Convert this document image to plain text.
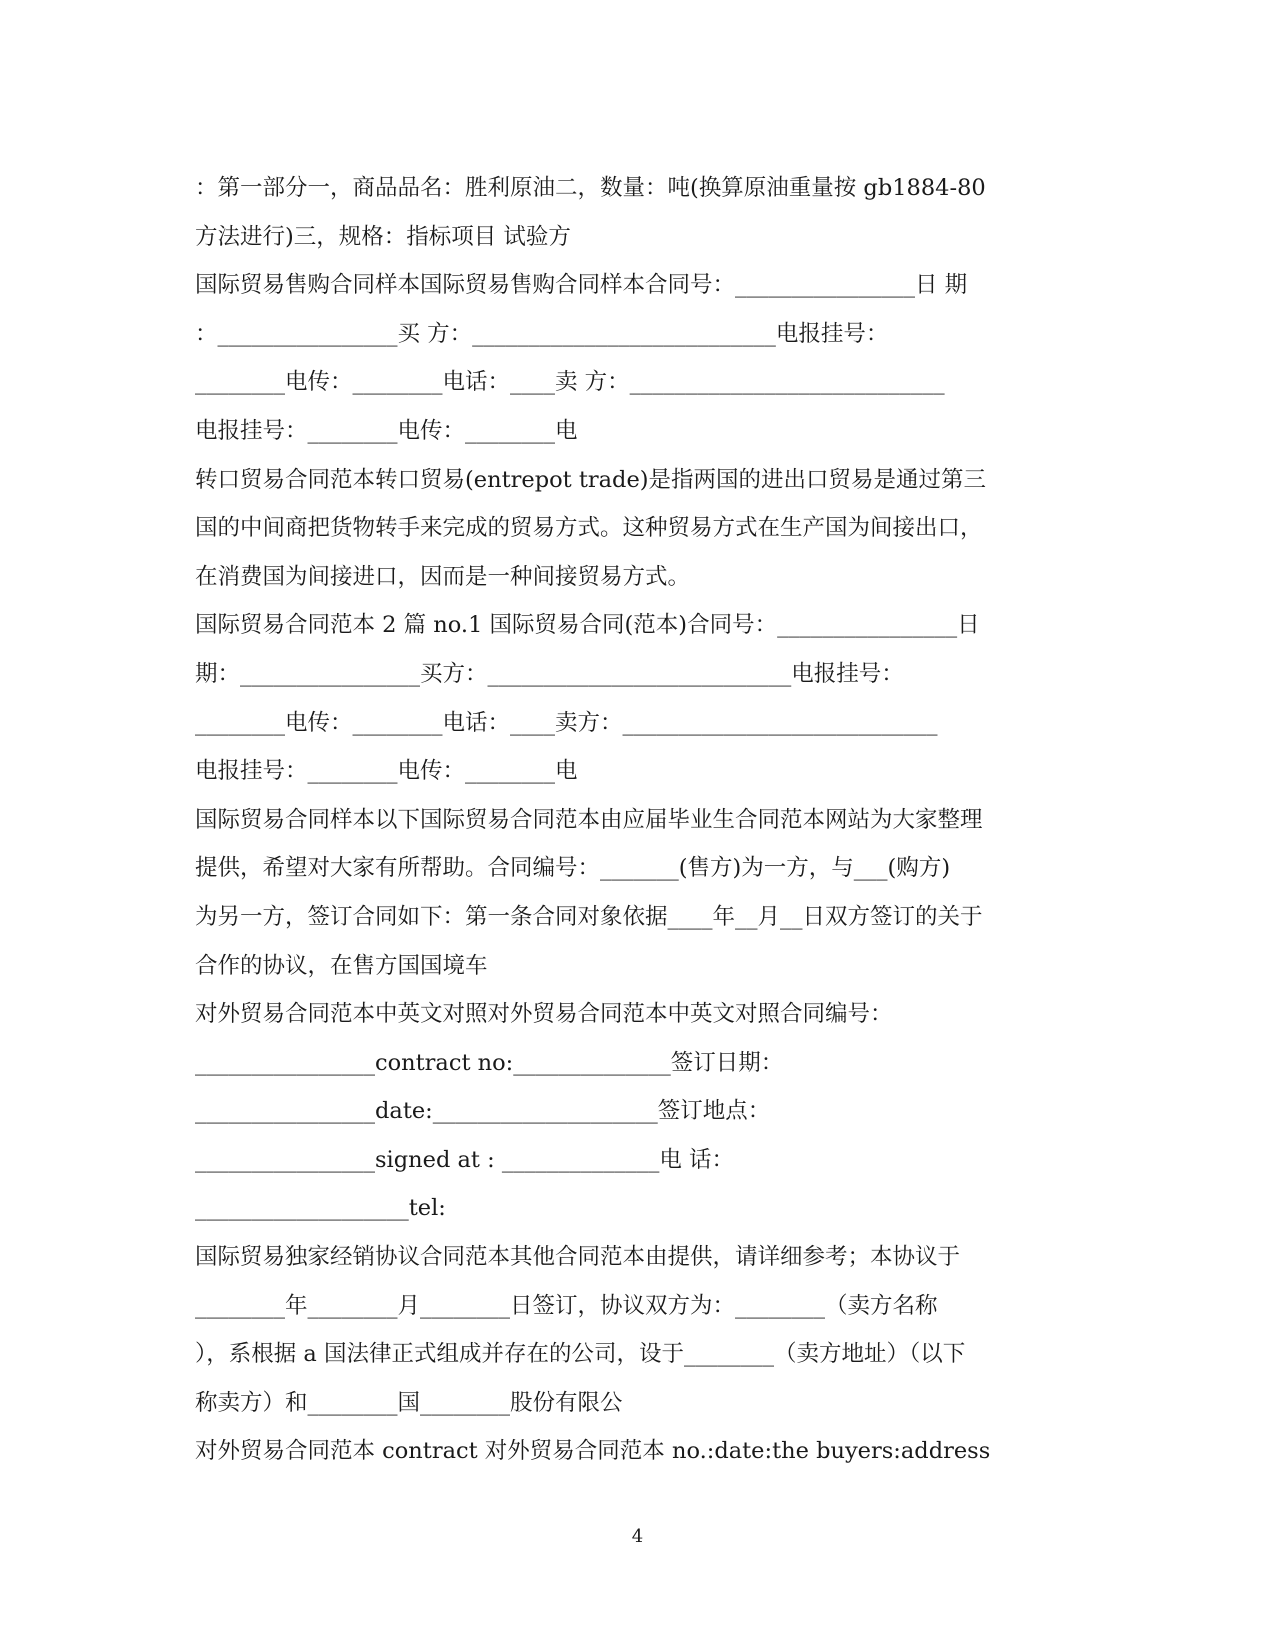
：第一部分一，商品品名：胜利原油二，数量：吨(换算原油重量按 gb1884-80
方法进行)三，规格：指标项目 试验方
国际贸易售购合同样本国际贸易售购合同样本合同号：________________日 期
：________________买 方：___________________________电报挂号：
________电传：________电话：____卖 方：____________________________
电报挂号：________电传：________电
转口贸易合同范本转口贸易(entrepot trade)是指两国的进出口贸易是通过第三
国的中间商把货物转手来完成的贸易方式。这种贸易方式在生产国为间接出口，
在消费国为间接进口，因而是一种间接贸易方式。
国际贸易合同范本 2 篇 no.1 国际贸易合同(范本)合同号：________________日
期：________________买方：___________________________电报挂号：
________电传：________电话：____卖方：____________________________
电报挂号：________电传：________电
国际贸易合同样本以下国际贸易合同范本由应届毕业生合同范本网站为大家整理
提供，希望对大家有所帮助。合同编号：_______(售方)为一方，与___(购方)
为另一方，签订合同如下：第一条合同对象依据____年__月__日双方签订的关于
合作的协议，在售方国国境车
对外贸易合同范本中英文对照对外贸易合同范本中英文对照合同编号：
________________contract no:______________签订日期：
________________date:____________________签订地点：
________________signed at : ______________电 话：
___________________tel:
国际贸易独家经销协议合同范本其他合同范本由提供，请详细参考；本协议于
________年________月________日签订，协议双方为：________（卖方名称
），系根据 a 国法律正式组成并存在的公司，设于________（卖方地址）（以下
称卖方）和________国________股份有限公
对外贸易合同范本 contract 对外贸易合同范本 no.:date:the buyers:address
4
